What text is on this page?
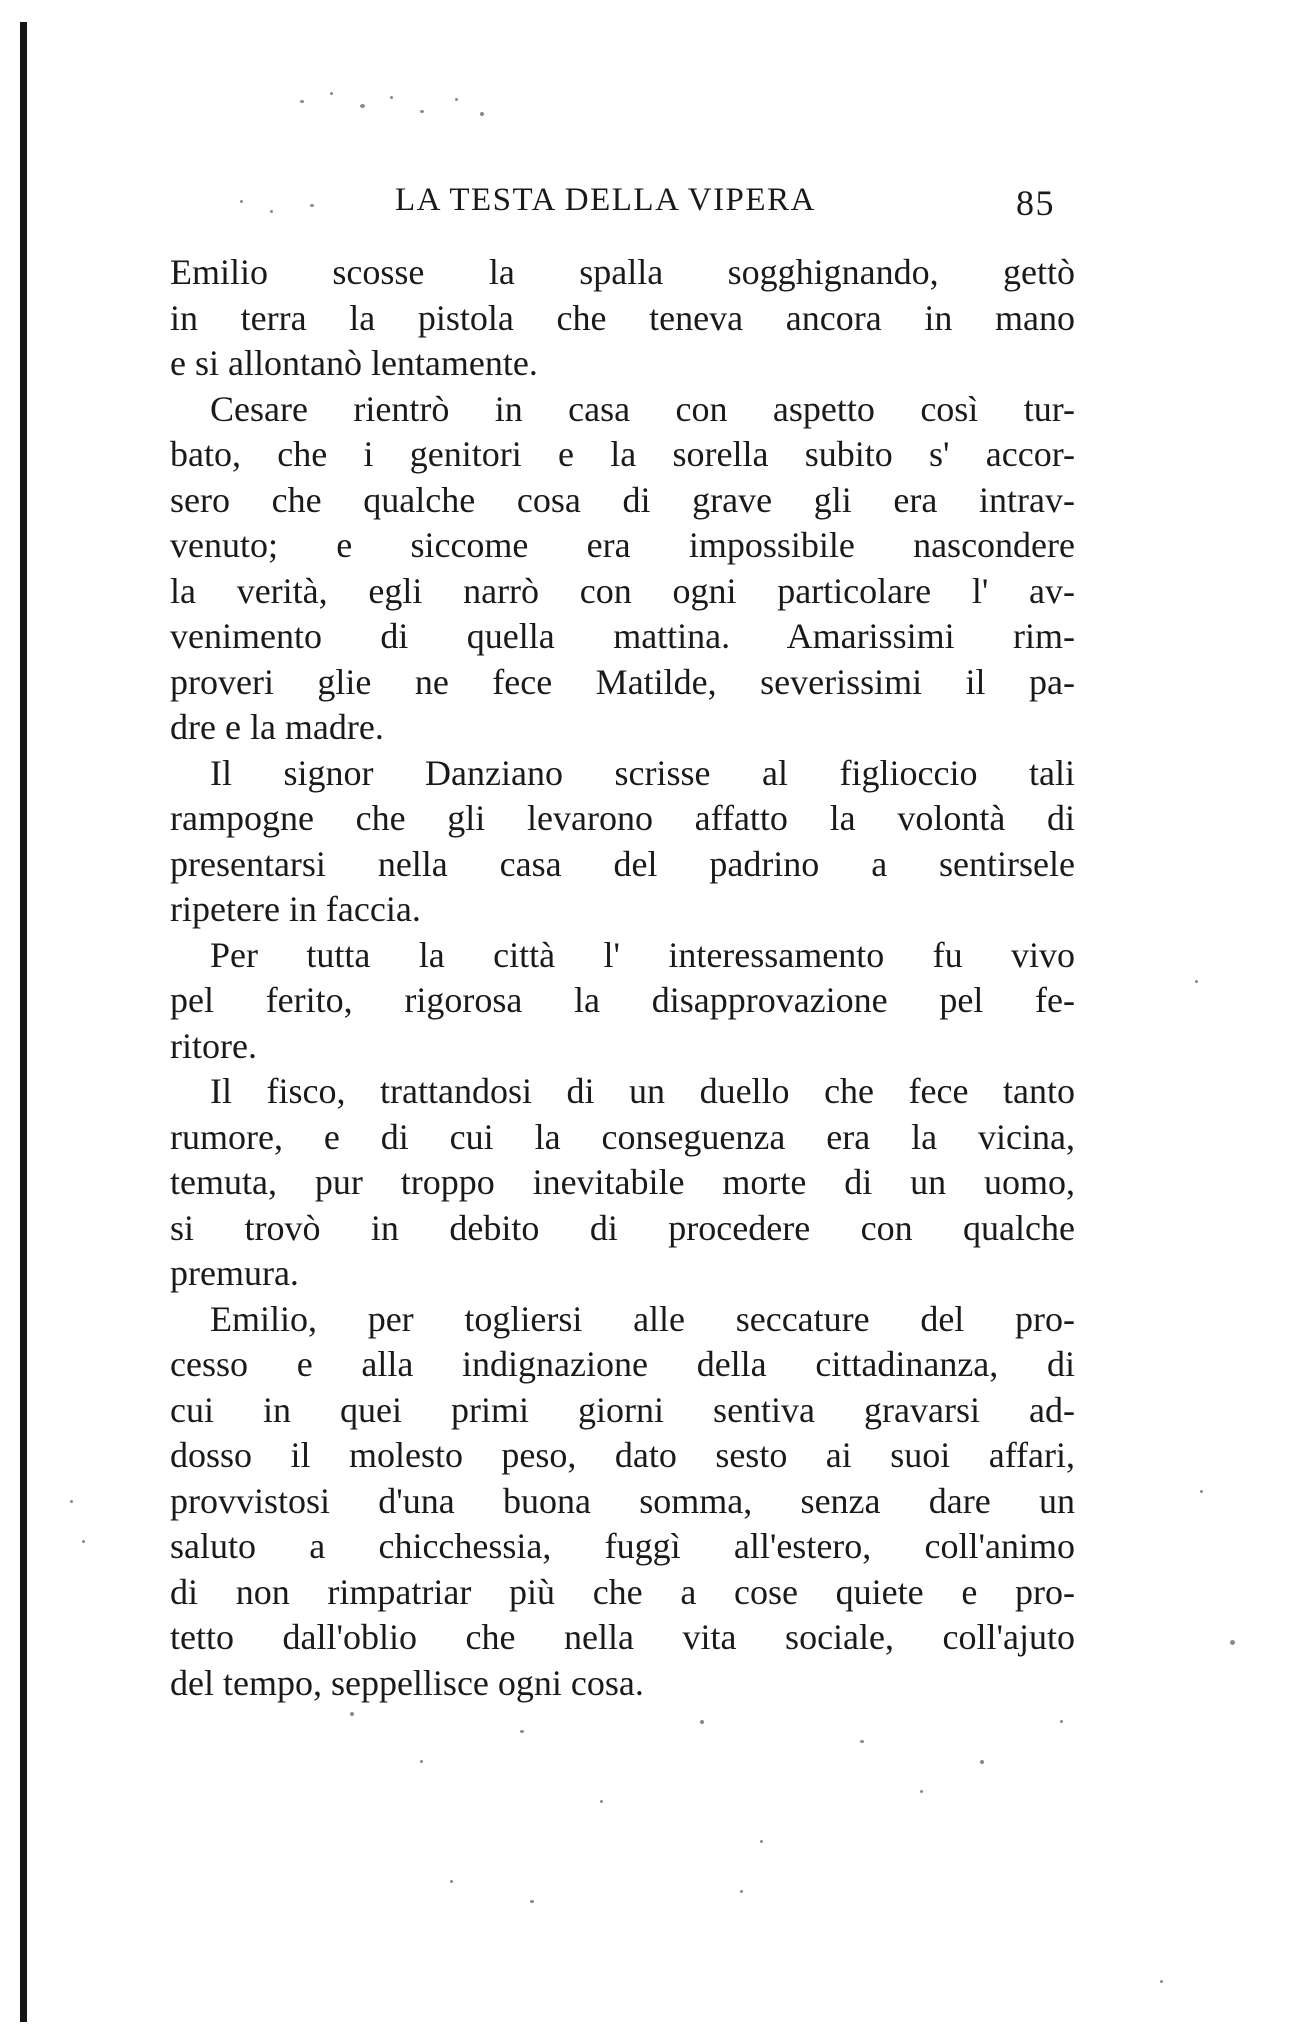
LA TESTA DELLA VIPERA	85
Emilio scosse la spalla sogghignando, gettò
in terra la pistola che teneva ancora in mano
e si allontanò lentamente.
Cesare rientrò in casa con aspetto così tur-
bato, che i genitori e la sorella subito s' accor-
sero che qualche cosa di grave gli era intrav-
venuto; e siccome era impossibile nascondere
la verità, egli narrò con ogni particolare l' av-
venimento di quella mattina. Amarissimi rim-
proveri glie ne fece Matilde, severissimi il pa-
dre e la madre.
Il signor Danziano scrisse al figlioccio tali
rampogne che gli levarono affatto la volontà di
presentarsi nella casa del padrino a sentirsele
ripetere in faccia.
Per tutta la città l' interessamento fu vivo
pel ferito, rigorosa la disapprovazione pel fe-
ritore.
Il fisco, trattandosi di un duello che fece tanto
rumore, e di cui la conseguenza era la vicina,
temuta, pur troppo inevitabile morte di un uomo,
si trovò in debito di procedere con qualche
premura.
Emilio, per togliersi alle seccature del pro-
cesso e alla indignazione della cittadinanza, di
cui in quei primi giorni sentiva gravarsi ad-
dosso il molesto peso, dato sesto ai suoi affari,
provvistosi d'una buona somma, senza dare un
saluto a chicchessia, fuggì all'estero, coll'animo
di non rimpatriar più che a cose quiete e pro-
tetto dall'oblio che nella vita sociale, coll'ajuto
del tempo, seppellisce ogni cosa.
